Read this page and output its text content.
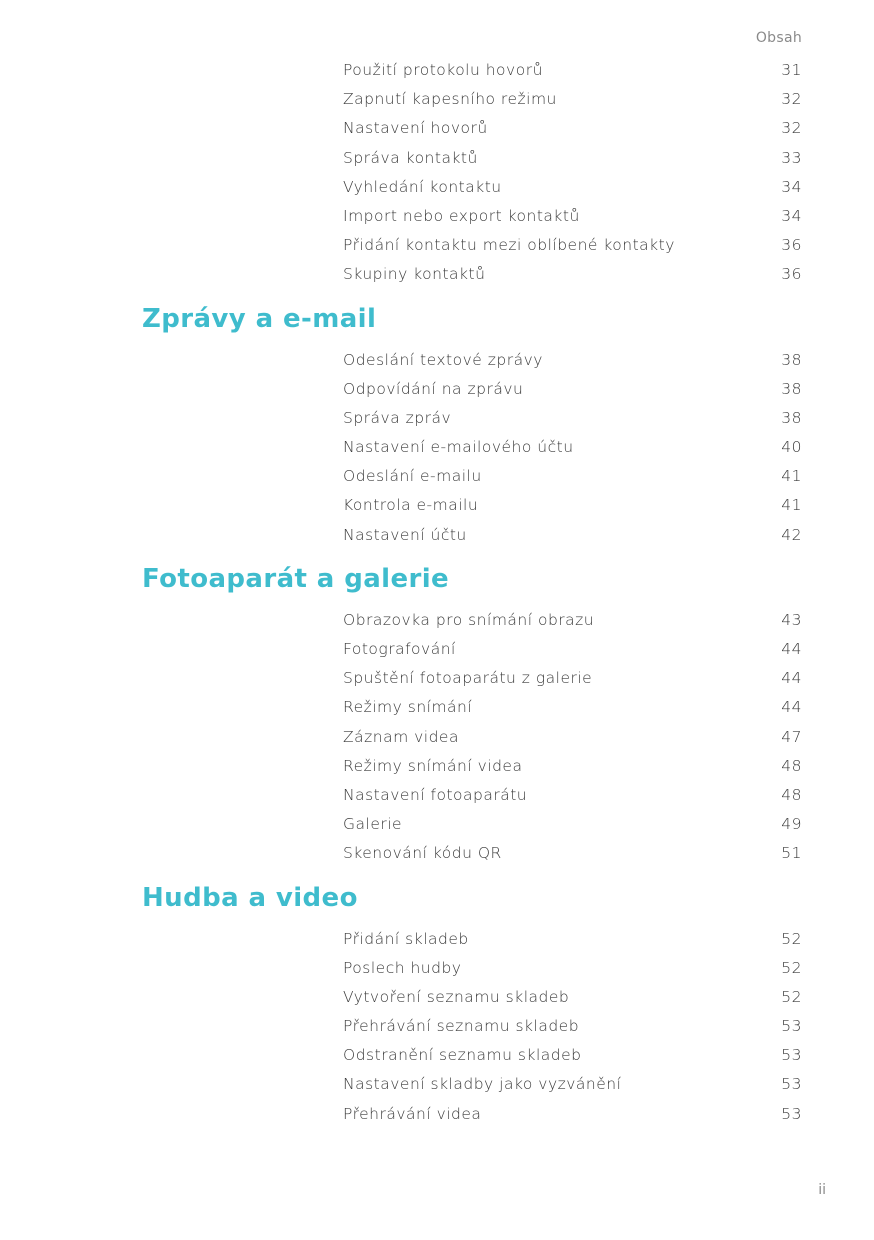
Obsah
Použití protokolu hovorů	31
Zapnutí kapesního režimu	32
Nastavení hovorů	32
Správa kontaktů	33
Vyhledání kontaktu	34
Import nebo export kontaktů	34
Přidání kontaktu mezi oblíbené kontakty	36
Skupiny kontaktů	36
Zprávy a e-mail
Odeslání textové zprávy	38
Odpovídání na zprávu	38
Správa zpráv	38
Nastavení e-mailového účtu	40
Odeslání e-mailu	41
Kontrola e-mailu	41
Nastavení účtu	42
Fotoaparát a galerie
Obrazovka pro snímání obrazu	43
Fotografování	44
Spuštění fotoaparátu z galerie	44
Režimy snímání	44
Záznam videa	47
Režimy snímání videa	48
Nastavení fotoaparátu	48
Galerie	49
Skenování kódu QR	51
Hudba a video
Přidání skladeb	52
Poslech hudby	52
Vytvoření seznamu skladeb	52
Přehrávání seznamu skladeb	53
Odstranění seznamu skladeb	53
Nastavení skladby jako vyzvánění	53
Přehrávání videa	53
ii
